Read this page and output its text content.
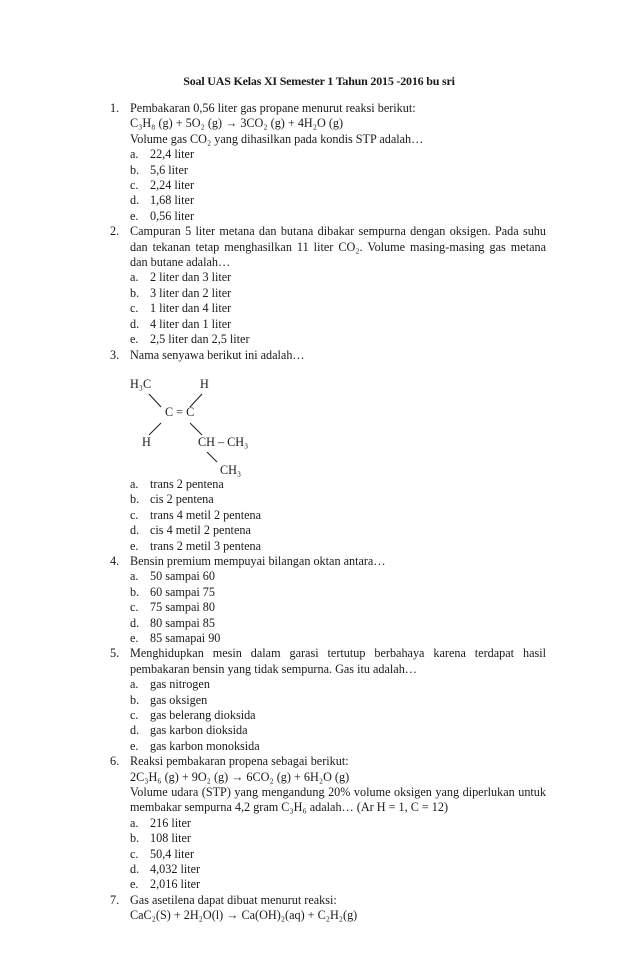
Soal UAS Kelas XI Semester 1 Tahun 2015 -2016 bu sri
1. Pembakaran 0,56 liter gas propane menurut reaksi berikut:
C₃H₈ (g) + 5O₂ (g) → 3CO₂ (g) + 4H₂O (g)
Volume gas CO₂ yang dihasilkan pada kondis STP adalah…
a. 22,4 liter
b. 5,6 liter
c. 2,24 liter
d. 1,68 liter
e. 0,56 liter
2. Campuran 5 liter metana dan butana dibakar sempurna dengan oksigen. Pada suhu dan tekanan tetap menghasilkan 11 liter CO₂. Volume masing-masing gas metana dan butane adalah…
a. 2 liter dan 3 liter
b. 3 liter dan 2 liter
c. 1 liter dan 4 liter
d. 4 liter dan 1 liter
e. 2,5 liter dan 2,5 liter
3. Nama senyawa berikut ini adalah…
H₃C	H
C = C
H	CH – CH₃
CH₃
a. trans 2 pentena
b. cis 2 pentena
c. trans 4 metil 2 pentena
d. cis 4 metil 2 pentena
e. trans 2 metil 3 pentena
4. Bensin premium mempuyai bilangan oktan antara…
a. 50 sampai 60
b. 60 sampai 75
c. 75 sampai 80
d. 80 sampai 85
e. 85 samapai 90
5. Menghidupkan mesin dalam garasi tertutup berbahaya karena terdapat hasil pembakaran bensin yang tidak sempurna. Gas itu adalah…
a. gas nitrogen
b. gas oksigen
c. gas belerang dioksida
d. gas karbon dioksida
e. gas karbon monoksida
6. Reaksi pembakaran propena sebagai berikut:
2C₃H₆ (g) + 9O₂ (g) → 6CO₂ (g) + 6H₂O (g)
Volume udara (STP) yang mengandung 20% volume oksigen yang diperlukan untuk membakar sempurna 4,2 gram C₃H₆ adalah… (Ar H = 1, C = 12)
a. 216 liter
b. 108 liter
c. 50,4 liter
d. 4,032 liter
e. 2,016 liter
7. Gas asetilena dapat dibuat menurut reaksi:
CaC₂(S) + 2H₂O(l) → Ca(OH)₂(aq) + C₂H₂(g)
